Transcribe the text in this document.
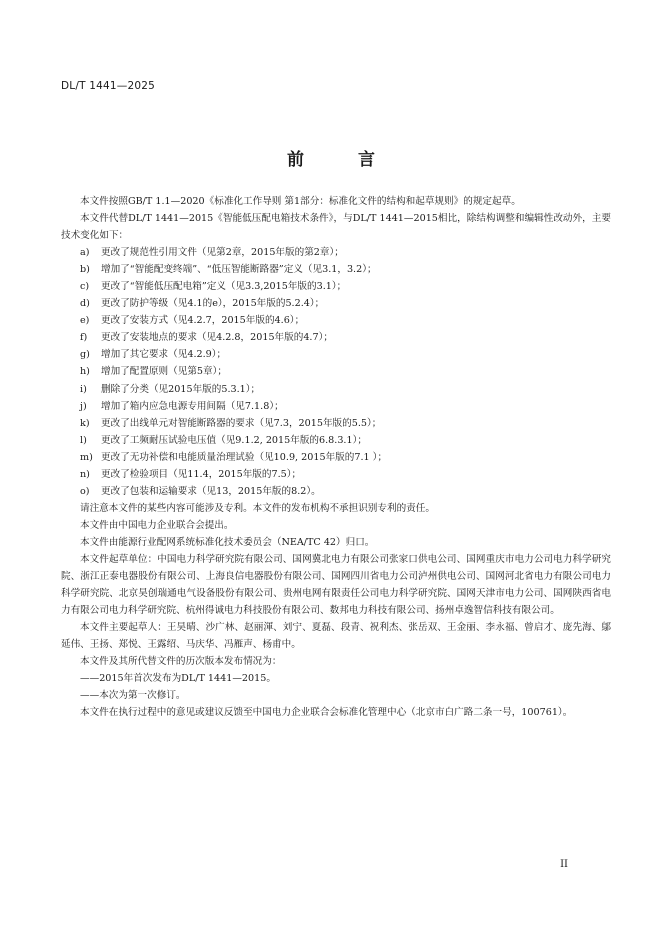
DL/T 1441—2025
前 言

本文件按照GB/T 1.1—2020《标准化工作导则 第1部分：标准化文件的结构和起草规则》的规定起草。

本文件代替DL/T 1441—2015《智能低压配电箱技术条件》，与DL/T 1441—2015相比，除结构调整和编辑性改动外，主要技术变化如下：

a) 更改了规范性引用文件（见第2章，2015年版的第2章）；
b) 增加了“智能配变终端”、“低压智能断路器”定义（见3.1，3.2）；
c) 更改了“智能低压配电箱”定义（见3.3,2015年版的3.1）；
d) 更改了防护等级（见4.1的e），2015年版的5.2.4）；
e) 更改了安装方式（见4.2.7，2015年版的4.6）；
f) 更改了安装地点的要求（见4.2.8，2015年版的4.7）；
g) 增加了其它要求（见4.2.9）；
h) 增加了配置原则（见第5章）；
i) 删除了分类（见2015年版的5.3.1）；
j) 增加了箱内应急电源专用间隔（见7.1.8）；
k) 更改了出线单元对智能断路器的要求（见7.3，2015年版的5.5）；
l) 更改了工频耐压试验电压值（见9.1.2, 2015年版的6.8.3.1）；
m) 更改了无功补偿和电能质量治理试验（见10.9, 2015年版的7.1 ）；
n) 更改了检验项目（见11.4，2015年版的7.5）；
o) 更改了包装和运输要求（见13，2015年版的8.2）。

请注意本文件的某些内容可能涉及专利。本文件的发布机构不承担识别专利的责任。

本文件由中国电力企业联合会提出。

本文件由能源行业配网系统标准化技术委员会（NEA/TC 42）归口。

本文件起草单位：中国电力科学研究院有限公司、国网冀北电力有限公司张家口供电公司、国网重庆市电力公司电力科学研究院、浙江正泰电器股份有限公司、上海良信电器股份有限公司、国网四川省电力公司泸州供电公司、国网河北省电力有限公司电力科学研究院、北京昊创瑞通电气设备股份有限公司、贵州电网有限责任公司电力科学研究院、国网天津市电力公司、国网陕西省电力有限公司电力科学研究院、杭州得诚电力科技股份有限公司、数邦电力科技有限公司、扬州卓逸智信科技有限公司。

本文件主要起草人：王昊晴、沙广林、赵丽渾、刘宁、夏磊、段青、祝利杰、张岳双、王金丽、李永福、曾启才、庞先海、鄔延伟、王扬、郑悦、王露绍、马庆华、冯雁声、杨甫中。

本文件及其所代替文件的历次版本发布情况为：

——2015年首次发布为DL/T 1441—2015。

——本次为第一次修订。

本文件在执行过程中的意见或建议反馈至中国电力企业联合会标准化管理中心（北京市白广路二条一号，100761）。

II
